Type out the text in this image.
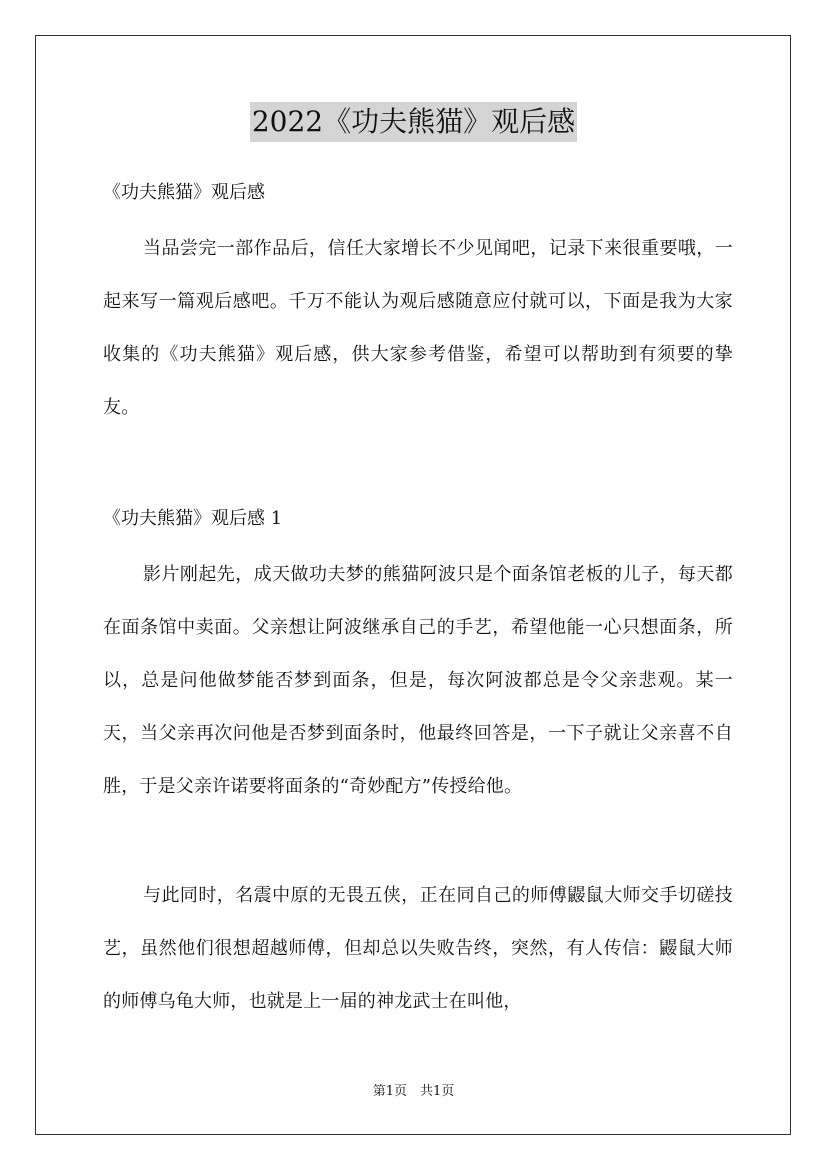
2022《功夫熊猫》观后感
《功夫熊猫》观后感

当品尝完一部作品后，信任大家增长不少见闻吧，记录下来很重要哦，一起来写一篇观后感吧。千万不能认为观后感随意应付就可以，下面是我为大家收集的《功夫熊猫》观后感，供大家参考借鉴，希望可以帮助到有须要的挚友。

《功夫熊猫》观后感 1

影片刚起先，成天做功夫梦的熊猫阿波只是个面条馆老板的儿子，每天都在面条馆中卖面。父亲想让阿波继承自己的手艺，希望他能一心只想面条，所以，总是问他做梦能否梦到面条，但是，每次阿波都总是令父亲悲观。某一天，当父亲再次问他是否梦到面条时，他最终回答是，一下子就让父亲喜不自胜，于是父亲许诺要将面条的“奇妙配方”传授给他。

与此同时，名震中原的无畏五侠，正在同自己的师傅鼹鼠大师交手切磋技艺，虽然他们很想超越师傅，但却总以失败告终，突然，有人传信：鼹鼠大师的师傅乌龟大师，也就是上一届的神龙武士在叫他，

第1页　共1页
